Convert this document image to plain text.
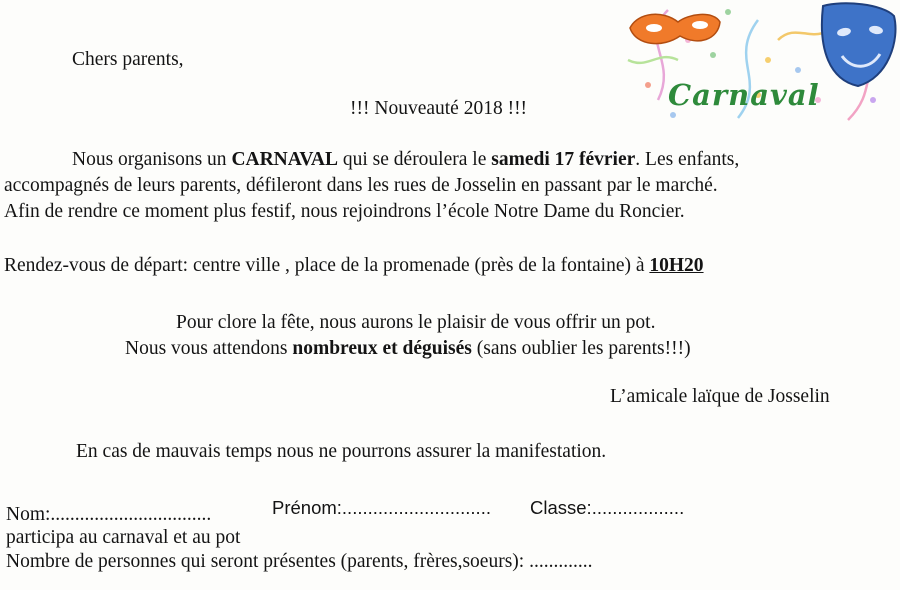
Carnaval
Chers parents,
!!! Nouveauté 2018 !!!
Nous organisons un CARNAVAL qui se déroulera le samedi 17 février. Les enfants,
accompagnés de leurs parents, défileront dans les rues de Josselin en passant par le marché.
Afin de rendre ce moment plus festif, nous rejoindrons l’école Notre Dame du Roncier.
Rendez-vous de départ: centre ville , place de la promenade (près de la fontaine) à 10H20
Pour clore la fête, nous aurons le plaisir de vous offrir un pot.
Nous vous attendons nombreux et déguisés (sans oublier les parents!!!)
L’amicale laïque de Josselin
En cas de mauvais temps nous ne pourrons assurer la manifestation.
Nom:.................................	Prénom:............................. Classe:..................
participa au carnaval et au pot
Nombre de personnes qui seront présentes (parents, frères,soeurs): .............
